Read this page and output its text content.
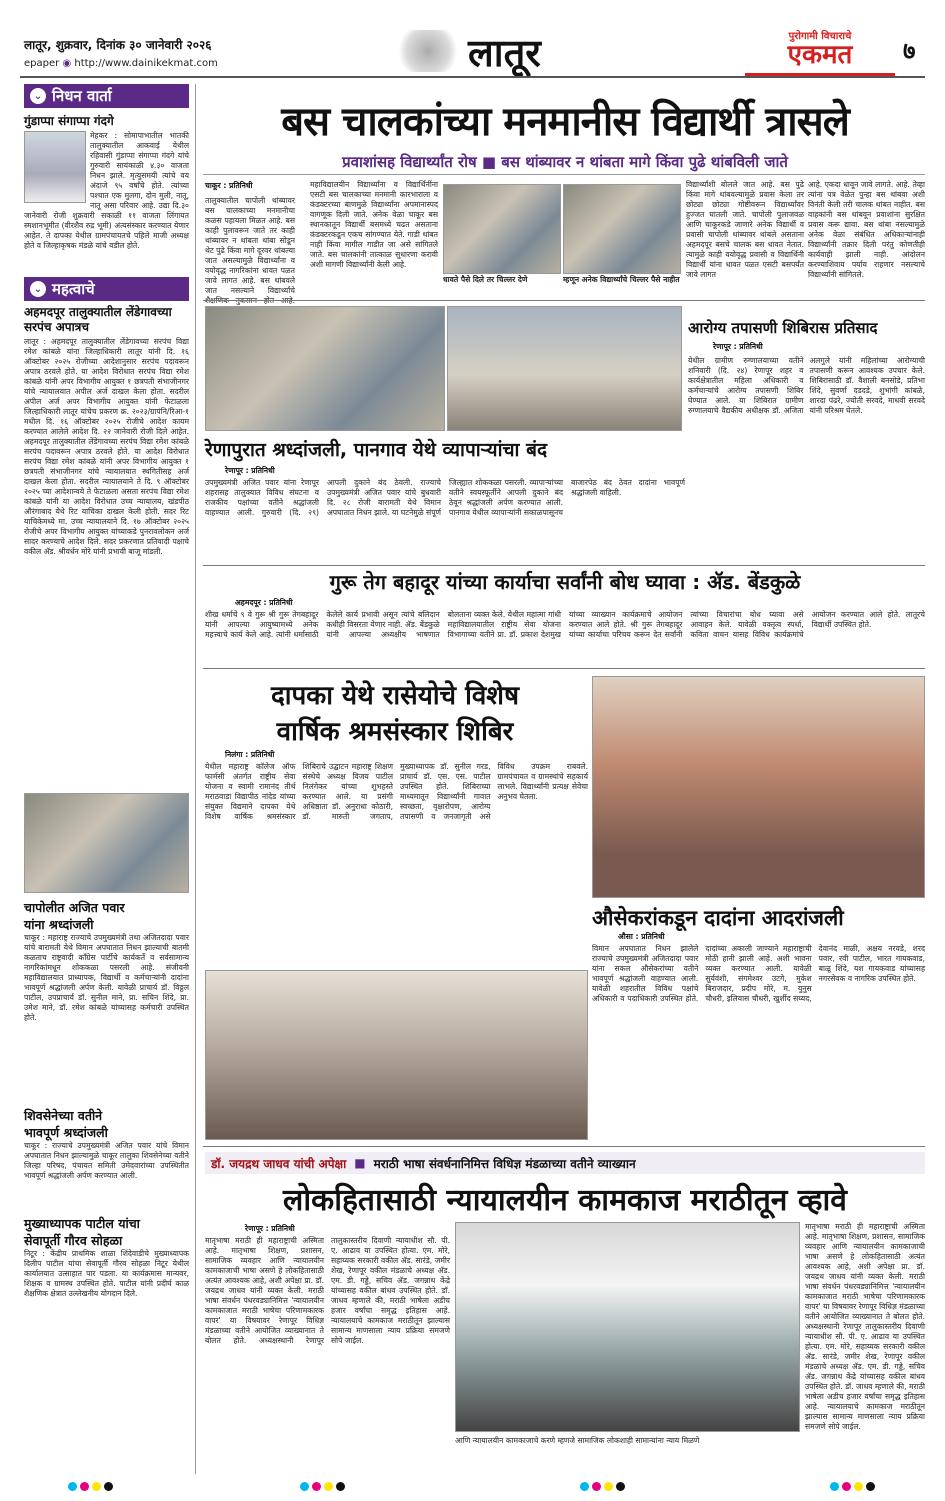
लातूर, शुक्रवार, दिनांक ३० जानेवारी २०२६
epaper ◉ http://www.dainikekmat.com	लातूर	पुरोगामी विचाराचे
एकमत	७
⌄ निधन वार्ता
गुंडाप्पा संगाप्पा गंदगे
मेहकर : सोमापाभातील भातकी तालुक्यातील आकवाई येथील रहिवासी गुंडाप्पा संगाप्पा गंदगे यांचे गुरुवारी सायंकाळी ४.३० वाजता निधन झाले. मृत्युसमयी त्यांचे वय अंदाजे ९५ वर्षांचे होते. त्यांच्या पश्चात एक मुलगा, दोन मुली, नातू, नातू असा परिवार आहे. उद्या दि.३० जानेवारी रोजी शुक्रवारी सकाळी ११ वाजता लिंगायत स्मशानभूमीत (वीरशैव रुद्र भूमी) अंत्यसंस्कार करण्यात येणार आहेत. ते दापका येथील ग्रामपंचायतचे पहिले माजी अध्यक्ष होते व जिल्हाकृषक मंडळे यांचे वडील होते.
⌄ महत्वाचे
अहमदपूर तालुक्यातील लेंडेगावच्या सरपंच अपात्रच
लातूर : अहमदपूर तालुक्यातील लेंडेगावच्या सरपंच विद्या रमेश कांबळे यांना जिल्हाधिकारी लातूर यांनी दि. १६ ऑक्टोबर २०२५ रोजीच्या आदेशानुसार सरपंच पदावरून अपात्र ठरवले होते. या आदेश विरोधात सरपंच विद्या रमेश कांबळे यांनी अपर विभागीय आयुक्त १ छत्रपती संभाजीनगर यांचे न्यायालयात अपील अर्ज दाखल केला होता. सदरील अपील अर्ज अपर विभागीय आयुक्त यांनी फेटाळला जिल्हाधिकारी लातूर यांचेच प्रकरण क्र. २०२३/ग्रापंनि/रिआ-१ मधील दि. १६ ऑक्टोबर २०२५ रोजीचे आदेश कायम करण्यात आलेले आदेश दि. २२ जानेवारी रोजी दिले आहेत. अहमदपूर तालुक्यातील लेंडेगावच्या सरपंच विद्या रमेश कांबळे सरपंच पदावरून अपात्र ठरवले होते. या आदेश विरोधात सरपंच विद्या रमेश कांबळे यांनी अपर विभागीय आयुक्त १ छत्रपती संभाजीनगर यांचे न्यायालयात स्थगितीसह अर्ज दाखल केला होता. सदरील न्यायालयाने ते दि. ९ ऑक्टोबर २०२५ च्या आदेशान्वये ते फेटाळला असता सरपंच विद्या रमेश कांबळे यांनी या आदेश विरोधात उच्च न्यायालय, खंडपीठ औरंगाबाद येथे रिट याचिका दाखल केली होती. सदर रिट याचिकेमध्ये मा. उच्च न्यायालयाने दि. १७ ऑक्टोबर २०२५ रोजीचे अपर विभागीय आयुक्त यांच्याकडे पुनरावलोकन अर्ज सादर करण्याचे आदेश दिले. सदर प्रकरणात प्रतिवादी पक्षाचे वकील ॲड. श्रीवर्धन मोरे यांनी प्रभावी बाजू मांडली.
चापोलीत अजित पवार
यांना श्रध्दांजली
चाकूर : महाराष्ट्र राज्याचे उपमुख्यमंत्री तथा अजितदादा पवार यांचे बारामती येथे विमान अपघातात निधन झाल्याची बातमी कळताच राष्ट्रवादी काँग्रेस पार्टीचे कार्यकर्ते व सर्वसामान्य नागरिकांमधून शोककळा पसरली आहे. संजीवनी महाविद्यालयात प्राध्यापक, विद्यार्थी व कर्मचाऱ्यांनी दादांना भावपूर्ण श्रद्धांजली अर्पण केली. यावेळी प्राचार्य डॉ. विठ्ठल पाटील, उपप्राचार्य डॉ. सुनील माने, प्रा. सचिन शिंदे, प्रा. उमेश माने, डॉ. रमेश कांबळे यांच्यासह कर्मचारी उपस्थित होते.
शिवसेनेच्या वतीने
भावपूर्ण श्रध्दांजली
चाकूर : राज्याचे उपमुख्यमंत्री अजित पवार यांचे विमान अपघातात निधन झाल्यामुळे चाकूर तालुका शिवसेनेच्या वतीने जिल्हा परिषद, पंचायत समिती उमेदवारांच्या उपस्थितीत भावपूर्ण श्रद्धांजली अर्पण करण्यात आली.
मुख्याध्यापक पाटील यांचा
सेवापूर्ती गौरव सोहळा
निटूर : केंद्रीय प्राथमिक शाळा शिंदेवाडीचे मुख्याध्यापक दिलीप पाटील यांचा सेवापूर्ती गौरव सोहळा निटूर येथील कार्यालयात उत्साहात पार पडला. या कार्यक्रमास मान्यवर, शिक्षक व ग्रामस्थ उपस्थित होते. पाटील यांनी प्रदीर्घ काळ शैक्षणिक क्षेत्रात उल्लेखनीय योगदान दिले.
बस चालकांच्या मनमानीस विद्यार्थी त्रासले
प्रवाशांसह विद्यार्थ्यांत रोष ■ बस थांब्यावर न थांबता मागे किंवा पुढे थांबविली जाते
चाकूर : प्रतिनिधी
तालुक्यातील चापोली थांब्यावर बस चालकाच्या मनमानीचा कळस पहायला मिळत आहे. बस काही पुलावरून जाते तर काही थांब्यावर न थांबता थांबा सोडून थेट पुढे किंवा मागे दूरवर थांबल्या जात असल्यामुळे विद्यार्थ्यांना व वयोवृद्ध नागरिकांना धावत पळत जावे लागत आहे. बस थांबवले जात नसल्याने विद्यार्थ्यांचे
महाविद्यालयीन विद्यार्थ्यांना व विद्यार्थिनींना एसटी बस चालकाच्या मनमानी कारभाराला व कंडक्टरच्या बाणमुळे विद्यार्थ्यांना अपमानास्पद वागणूक दिली जाते. अनेक वेळा चाकूर बस स्थानकातून विद्यार्थी बसमध्ये चढत असताना कंडक्टरकडून एकच सांगण्यात येते. गाडी थांबत नाही किंवा मागील गाडीत जा असे सांगितले जाते. बस चालकांनी तात्काळ सुधारणा करावी अशी मागणी विद्यार्थ्यांनी केली आहे.
धावते पैसे दिले तर चिल्लर देणे	म्हणून अनेक विद्यार्थ्यांचे चिल्लर पैसे नाहीत
विद्यार्थ्यांशी बोलले जात आहे. बस पुढे किंवा मागे थांबवल्यामुळे प्रवास केला तर छोट्या छोट्या गोष्टीवरून विद्यार्थ्यांवर हुज्जत घातली जाते. चापोली पुलाजवळ आणि चाकूरकडे जाणारे अनेक विद्यार्थी व प्रवासी चापोली थांब्यावर थांबले असताना अहमदपूर बसचे चालक बस धावत नेतात. त्यामुळे काही वयोवृद्ध प्रवासी व विद्यार्थिनी विद्यार्थी यांना धावत पळत एसटी बसपर्यंत जावे लागत
आहे. एकदा धावून जावे लागते. आहे. तेव्हा त्यांना पत्र वेळेत पुन्हा बस थांबवा अशी विनंती केली तरी चालक थांबत नाहीत. बस वाहकांनी बस थांबवून प्रवाशांना सुरक्षित प्रवास करू द्यावा. बस थांबा नसल्यामुळे अनेक वेळा संबंधित अधिकाऱ्यांनाही विद्यार्थ्यांनी तक्रार दिली परंतु कोणतीही कार्यवाही झाली नाही. आंदोलन करण्याशिवाय पर्याय राहणार नसल्याचे विद्यार्थ्यांनी सांगितले.
रेणापुरात श्रध्दांजली, पानगाव येथे व्यापाऱ्यांचा बंद
रेणापूर : प्रतिनिधी
उपमुख्यमंत्री अजित पवार यांना रेणापूर शहरासह तालुक्यात विविध संघटना व राजकीय पक्षांच्या वतीने श्रद्धांजली वाहण्यात आली. गुरुवारी (दि. २९) आपली दुकाने बंद ठेवली. राज्याचे उपमुख्यमंत्री अजित पवार यांचे बुधवारी दि. २८ रोजी बारामती येथे विमान अपघातात निधन झाले. या घटनेमुळे संपूर्ण जिल्ह्यात शोककळा पसरली. व्यापाऱ्यांच्या वतीने स्वयस्फूर्तीने आपली दुकाने बंद ठेवून श्रद्धांजली अर्पण करण्यात आली. पानगाव येथील व्यापाऱ्यांनी सकाळपासूनच बाजारपेठ बंद ठेवत दादांना भावपूर्ण श्रद्धांजली वाहिली.
आरोग्य तपासणी शिबिरास प्रतिसाद
रेणापूर : प्रतिनिधी
येथील ग्रामीण रुग्णालयाच्या वतीने शनिवारी (दि. २४) रेणापूर शहर व कार्यक्षेत्रातील महिला अधिकारी व कर्मचाऱ्यांचे आरोग्य तपासणी शिबिर घेण्यात आले. या शिबिरात ग्रामीण रुग्णालयाचे वैद्यकीय अधीक्षक डॉ. अजिता अलगुले यांनी महिलांच्या आरोग्याची तपासणी करून आवश्यक उपचार केले. शिबिरासाठी डॉ. वैशाली बनसोडे, प्रतिभा शिंदे, सुवर्णा दडदडे, शुभांगी कांबळे, शारदा पंढरे, ज्योती सरवदे, माधवी सरवदे यांनी परिश्रम घेतले.
गुरू तेग बहादूर यांच्या कार्याचा सर्वांनी बोध घ्यावा : ॲड. बेंडकुळे
अहमदपूर : प्रतिनिधी
शीख धर्माचे ९ वे गुरू श्री गुरू तेगबहादूर यांनी आपल्या आयुष्यामध्ये अनेक महत्त्वाचे कार्य केले आहे. त्यांनी धर्मासाठी केलेले कार्य प्रभावी असून त्यांचे बलिदान कधीही विसरता येणार नाही. ॲड. बेंडकुळे यांनी आपल्या अध्यक्षीय भाषणात बोलताना व्यक्त केले. येथील महात्मा गांधी महाविद्यालयातील राष्ट्रीय सेवा योजना विभागाच्या वतीने प्रा. डॉ. प्रकाश देशमुख यांच्या व्याख्यान कार्यक्रमाचे आयोजन करण्यात आले होते. श्री गुरू तेगबहादूर यांच्या कार्याचा परिचय करून देत सर्वांनी त्यांच्या विचारांचा बोध घ्यावा असे आवाहन केले. यावेळी वक्तृत्व स्पर्धा, कविता वाचन यासह विविध कार्यक्रमांचे आयोजन करण्यात आले होते. लातूरचे विद्यार्थी उपस्थित होते.
दापका येथे रासेयोचे विशेष
वार्षिक श्रमसंस्कार शिबिर
निलंगा : प्रतिनिधी
येथील महाराष्ट्र कॉलेज ऑफ फार्मसी अंतर्गत राष्ट्रीय सेवा योजना व स्वामी रामानंद तीर्थ मराठवाडा विद्यापीठ नांदेड यांच्या संयुक्त विद्यमाने दापका येथे विशेष वार्षिक श्रमसंस्कार शिबिराचे उद्घाटन महाराष्ट्र शिक्षण संस्थेचे अध्यक्ष विजय पाटील निलंगेकर यांच्या शुभहस्ते करण्यात आले. या प्रसंगी अधिष्ठाता डॉ. अनुराधा कोठारी, डॉ. मारुती जगताप, मुख्याध्यापक डॉ. सुनील गरड, प्राचार्य डॉ. एस. एस. पाटील उपस्थित होते. शिबिराच्या माध्यमातून विद्यार्थ्यांनी गावात स्वच्छता, वृक्षारोपण, आरोग्य तपासणी व जनजागृती असे विविध उपक्रम राबवले. ग्रामपंचायत व ग्रामस्थांचे सहकार्य लाभले. विद्यार्थ्यांनी प्रत्यक्ष सेवेचा अनुभव घेतला.
औसेकरांकडून दादांना आदरांजली
औसा : प्रतिनिधी
विमान अपघातात निधन झालेले राज्याचे उपमुख्यमंत्री अजितदादा पवार यांना सकल औसेकरांच्या वतीने भावपूर्ण श्रद्धांजली वाहण्यात आली. यावेळी शहरातील विविध पक्षांचे अधिकारी व पदाधिकारी उपस्थित होते. दादांच्या अकाली जाण्याने महाराष्ट्राची मोठी हानी झाली आहे. अशी भावना व्यक्त करण्यात आली. यावेळी सुर्यवंशी, संगमेश्वर उटगे, मुकेश बिराजदार, प्रदीप मोरे, म. युनुस चौधरी, इलियास चौधरी, खुर्शीद सय्यद, देवानंद माळी, अक्षय नरवडे, शरद पवार, रवी पाटील, भारत गायकवाड, बाळू शिंदे, यश गायकवाड यांच्यासह नगरसेवक व नागरिक उपस्थित होते.
डॉ. जयद्रथ जाधव यांची अपेक्षा ■ मराठी भाषा संवर्धनानिमित्त विधिज्ञ मंडळाच्या वतीने व्याख्यान
लोकहितासाठी न्यायालयीन कामकाज मराठीतून व्हावे
रेणापूर : प्रतिनिधी
मातृभाषा मराठी ही महाराष्ट्राची अस्मिता आहे. मातृभाषा शिक्षण, प्रशासन, सामाजिक व्यवहार आणि न्यायालयीन कामकाजाची भाषा असणे हे लोकहितासाठी अत्यंत आवश्यक आहे, अशी अपेक्षा प्रा. डॉ. जयद्रथ जाधव यांनी व्यक्त केली. मराठी भाषा संवर्धन पंधरवड्यानिमित्त 'न्यायालयीन कामकाजात मराठी भाषेचा परिणामकारक वापर' या विषयावर रेणापूर विधिज्ञ मंडळाच्या वतीने आयोजित व्याख्यानात ते बोलत होते. अध्यक्षस्थानी रेणापूर तालुकास्तरीय दिवाणी न्यायाधीश सौ. पी. ए. आढाव या उपस्थित होत्या. एम. मोरे, सहाय्यक सरकारी वकील ॲड. सारंडे, जमीर शेख, रेणापूर वकील मंडळाचे अध्यक्ष ॲड. एम. डी. गड्डे, सचिव ॲड. जगन्नाथ केंद्रे यांच्यासह वकील बांधव उपस्थित होते. डॉ. जाधव म्हणाले की, मराठी भाषेला अडीच हजार वर्षांचा समृद्ध इतिहास आहे. न्यायालयाचे कामकाज मराठीतून झाल्यास सामान्य माणसाला न्याय प्रक्रिया समजणे सोपे जाईल.
आणि न्यायालयीन कामकाजाचे करणे म्हणजे सामाजिक लोकशाही सामान्यांना न्याय मिळणे
मातृभाषा मराठी ही महाराष्ट्राची अस्मिता आहे. मातृभाषा शिक्षण, प्रशासन, सामाजिक व्यवहार आणि न्यायालयीन कामकाजाची भाषा असणे हे लोकहितासाठी अत्यंत आवश्यक आहे, अशी अपेक्षा प्रा. डॉ. जयद्रथ जाधव यांनी व्यक्त केली. मराठी भाषा संवर्धन पंधरवड्यानिमित्त 'न्यायालयीन कामकाजात मराठी भाषेचा परिणामकारक वापर' या विषयावर रेणापूर विधिज्ञ मंडळाच्या वतीने आयोजित व्याख्यानात ते बोलत होते. अध्यक्षस्थानी रेणापूर तालुकास्तरीय दिवाणी न्यायाधीश सौ. पी. ए. आढाव या उपस्थित होत्या. एम. मोरे, सहाय्यक सरकारी वकील ॲड. सारंडे, जमीर शेख, रेणापूर वकील मंडळाचे अध्यक्ष ॲड. एम. डी. गड्डे, सचिव ॲड. जगन्नाथ केंद्रे यांच्यासह वकील बांधव उपस्थित होते. डॉ. जाधव म्हणाले की, मराठी भाषेला अडीच हजार वर्षांचा समृद्ध इतिहास आहे. न्यायालयाचे कामकाज मराठीतून झाल्यास सामान्य माणसाला न्याय प्रक्रिया समजणे सोपे जाईल.
